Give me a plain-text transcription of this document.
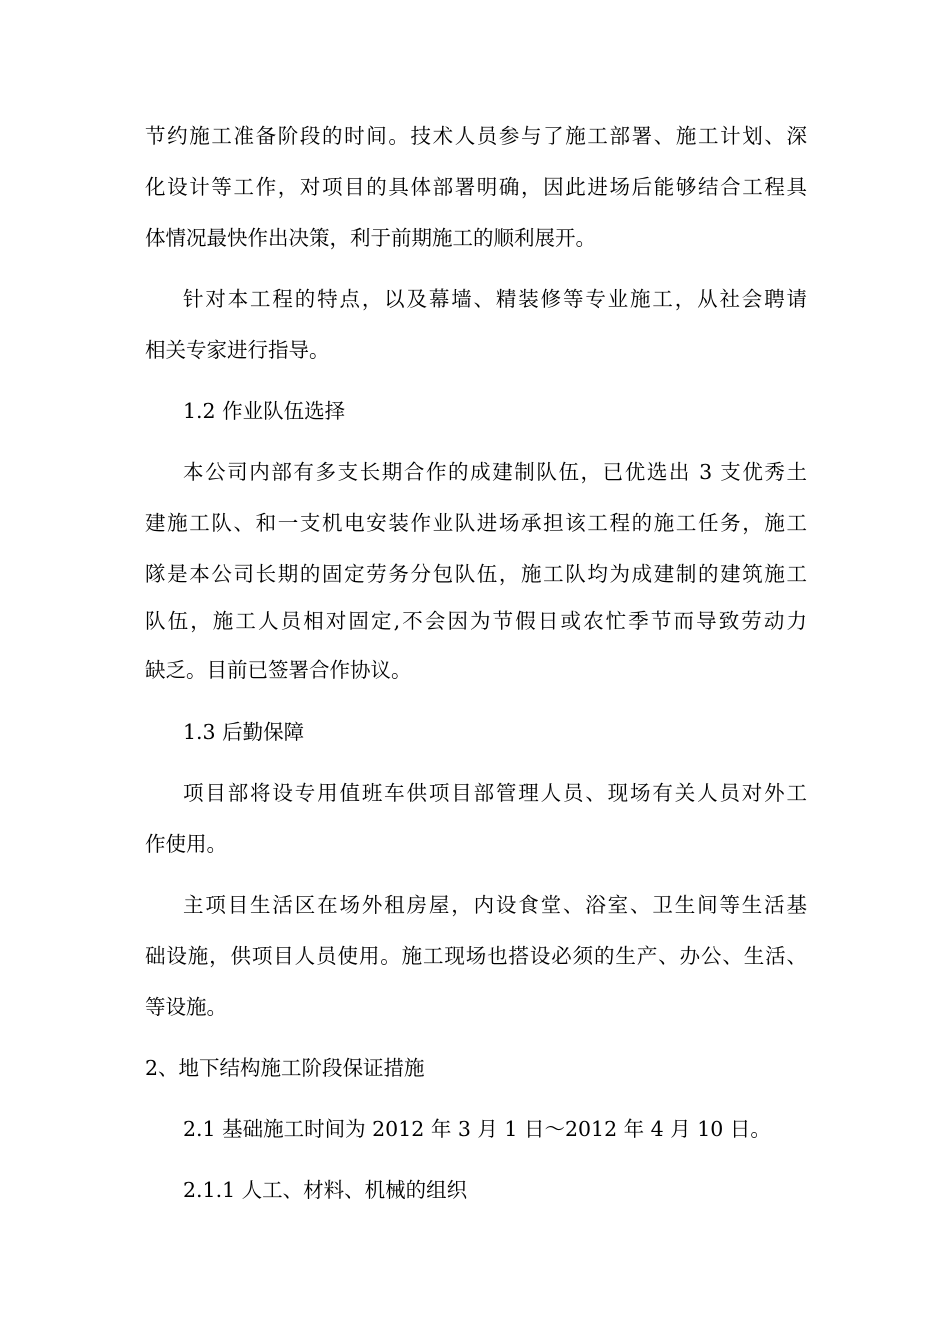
节约施工准备阶段的时间。技术人员参与了施工部署、施工计划、深

化设计等工作，对项目的具体部署明确，因此进场后能够结合工程具

体情况最快作出决策，利于前期施工的顺利展开。

针对本工程的特点，以及幕墙、精装修等专业施工，从社会聘请

相关专家进行指导。

1.2 作业队伍选择

本公司内部有多支长期合作的成建制队伍，已优选出 3 支优秀土

建施工队、和一支机电安装作业队进场承担该工程的施工任务，施工

隊是本公司长期的固定劳务分包队伍，施工队均为成建制的建筑施工

队伍，施工人员相对固定,不会因为节假日或农忙季节而导致劳动力

缺乏。目前已签署合作协议。

1.3 后勤保障

项目部将设专用值班车供项目部管理人员、现场有关人员对外工

作使用。

主项目生活区在场外租房屋，内设食堂、浴室、卫生间等生活基

础设施，供项目人员使用。施工现场也搭设必须的生产、办公、生活、

等设施。

2、地下结构施工阶段保证措施

2.1 基础施工时间为 2012 年 3 月 1 日～2012 年 4 月 10 日。

2.1.1 人工、材料、机械的组织
